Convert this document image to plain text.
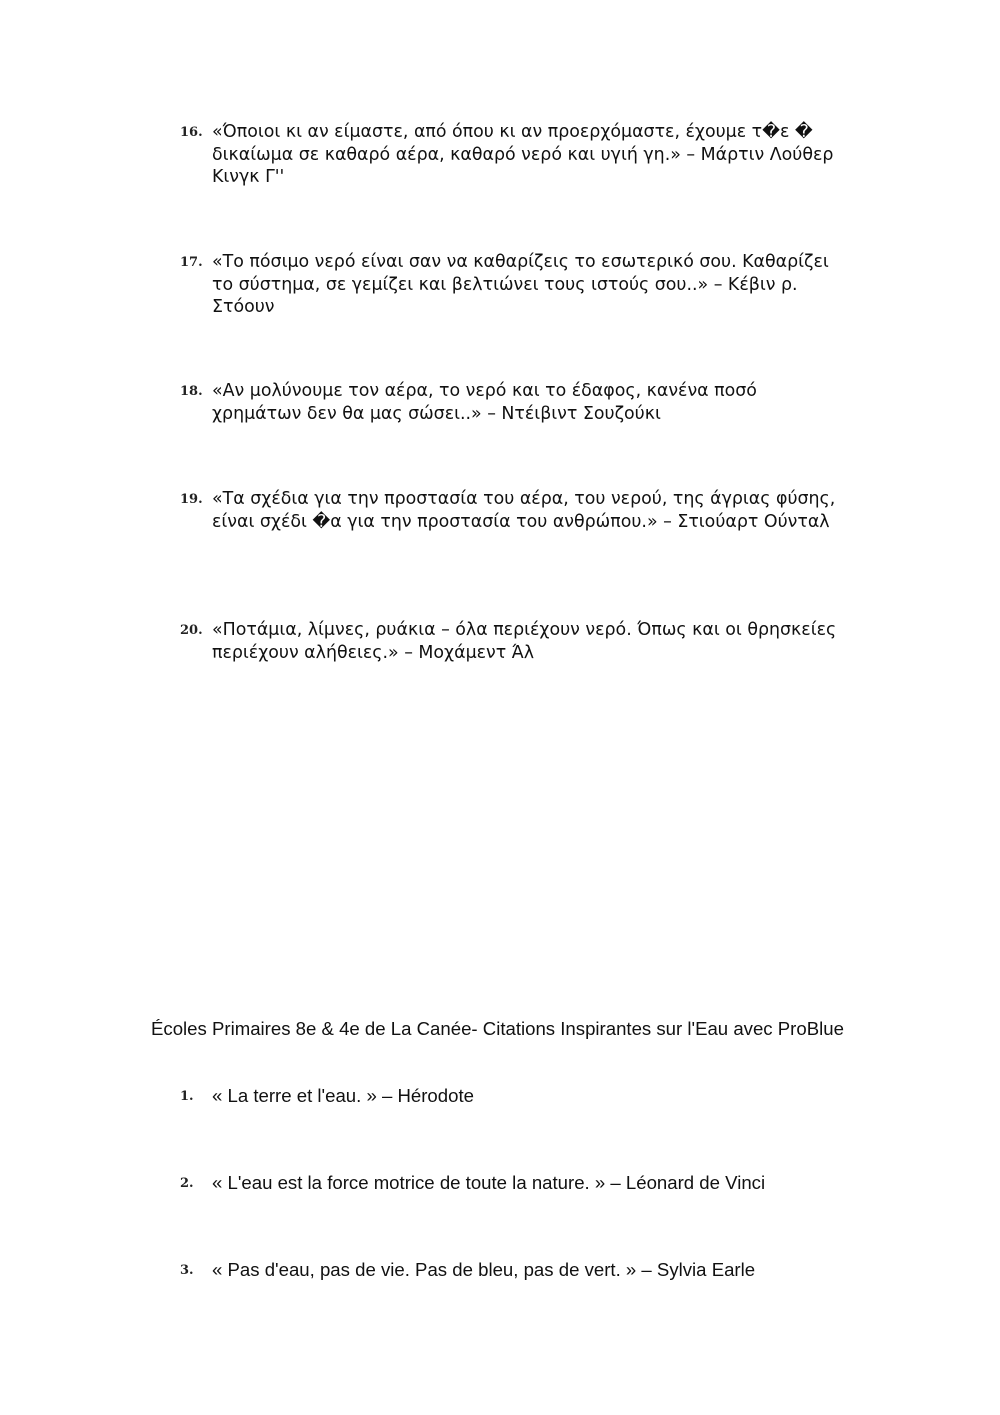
16. «Όποιοι κι αν είμαστε, από όπου κι αν προερχόμαστε, έχουμε τ�ε � δικαίωμα σε καθαρό αέρα, καθαρό νερό και υγιή γη.» – Μάρτιν Λούθερ Κινγκ Γ''
17. «Το πόσιμο νερό είναι σαν να καθαρίζεις το εσωτερικό σου. Καθαρίζει το σύστημα, σε γεμίζει και βελτιώνει τους ιστούς σου..» – Κέβιν ρ. Στόουν
18. «Αν μολύνουμε τον αέρα, το νερό και το έδαφος, κανένα ποσό χρημάτων δεν θα μας σώσει..» – Ντέιβιντ Σουζούκι
19. «Τα σχέδια για την προστασία του αέρα, του νερού, της άγριας φύσης, είναι σχέδι �α για την προστασία του ανθρώπου.» – Στιούαρτ Ούνταλ
20. «Ποτάμια, λίμνες, ρυάκια – όλα περιέχουν νερό. Όπως και οι θρησκείες περιέχουν αλήθειες.» – Μοχάμεντ Άλ
Écoles Primaires 8e & 4e de La Canée- Citations Inspirantes sur l'Eau avec ProBlue
1. « La terre et l'eau. » – Hérodote
2. « L'eau est la force motrice de toute la nature. » – Léonard de Vinci
3. « Pas d'eau, pas de vie. Pas de bleu, pas de vert. » – Sylvia Earle
